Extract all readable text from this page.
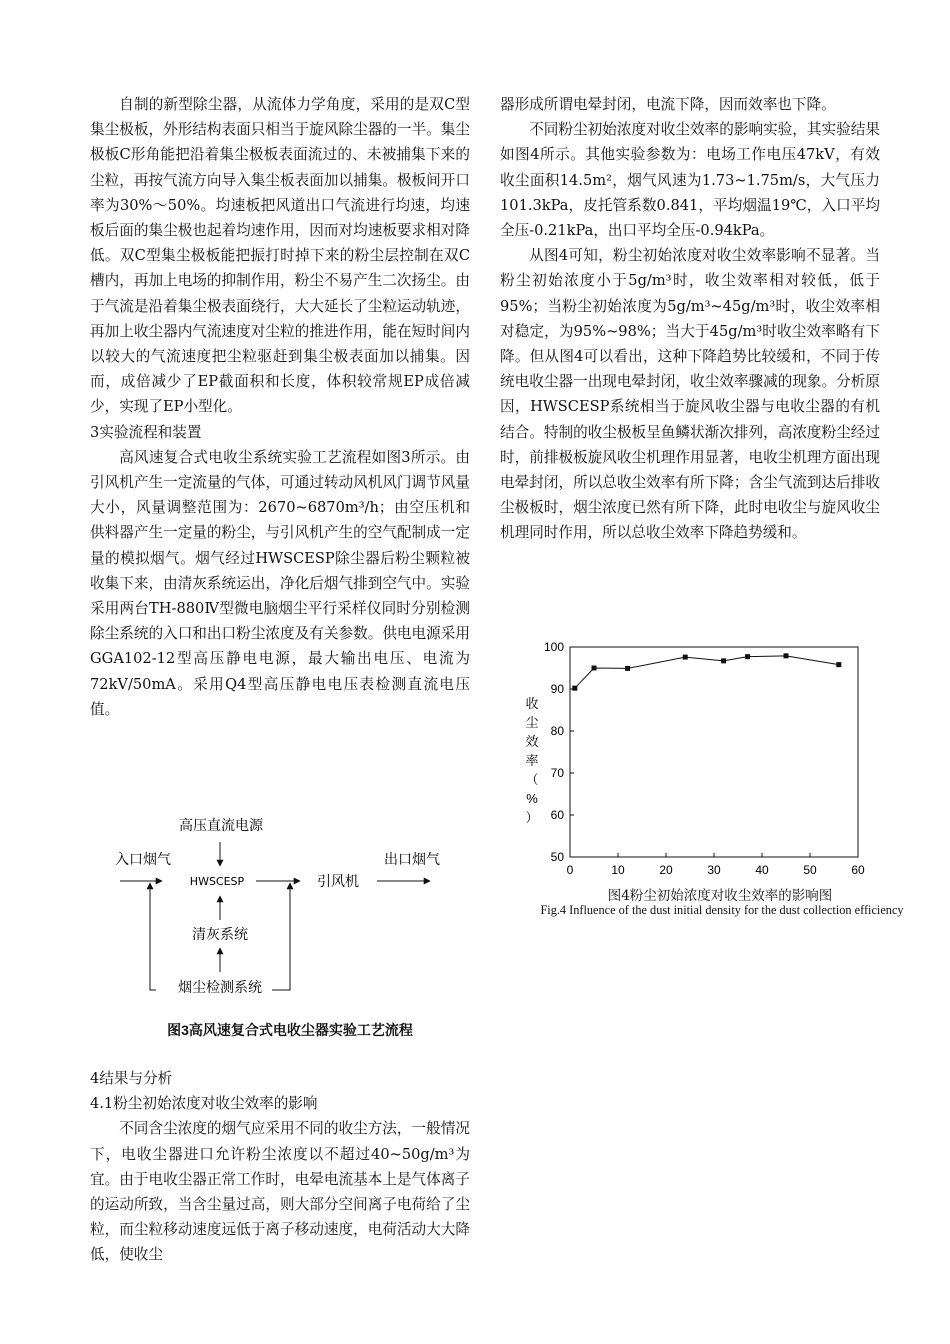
自制的新型除尘器，从流体力学角度，采用的是双C型集尘极板，外形结构表面只相当于旋风除尘器的一半。集尘极板C形角能把沿着集尘极板表面流过的、未被捕集下来的尘粒，再按气流方向导入集尘板表面加以捕集。极板间开口率为30%～50%。均速板把风道出口气流进行均速，均速板后面的集尘极也起着均速作用，因而对均速板要求相对降低。双C型集尘极板能把振打时掉下来的粉尘层控制在双C槽内，再加上电场的抑制作用，粉尘不易产生二次扬尘。由于气流是沿着集尘极表面绕行，大大延长了尘粒运动轨迹，再加上收尘器内气流速度对尘粒的推进作用，能在短时间内以较大的气流速度把尘粒驱赶到集尘极表面加以捕集。因而，成倍减少了EP截面积和长度，体积较常规EP成倍减少，实现了EP小型化。

3实验流程和装置

高风速复合式电收尘系统实验工艺流程如图3所示。由引风机产生一定流量的气体，可通过转动风机风门调节风量大小，风量调整范围为：2670~6870m³/h；由空压机和供料器产生一定量的粉尘，与引风机产生的空气配制成一定量的模拟烟气。烟气经过HWSCESP除尘器后粉尘颗粒被收集下来，由清灰系统运出，净化后烟气排到空气中。实验采用两台TH-880Ⅳ型微电脑烟尘平行采样仪同时分别检测除尘系统的入口和出口粉尘浓度及有关参数。供电电源采用GGA102-12型高压静电电源，最大输出电压、电流为72kV/50mA。采用Q4型高压静电电压表检测直流电压值。

高压直流电源
入口烟气
HWSCESP	引风机
出口烟气
清灰系统
烟尘检测系统
图3高风速复合式电收尘器实验工艺流程

4结果与分析

4.1粉尘初始浓度对收尘效率的影响

不同含尘浓度的烟气应采用不同的收尘方法，一般情况下，电收尘器进口允许粉尘浓度以不超过40~50g/m³为宜。由于电收尘器正常工作时，电晕电流基本上是气体离子的运动所致，当含尘量过高，则大部分空间离子电荷给了尘粒，而尘粒移动速度远低于离子移动速度，电荷活动大大降低，使收尘

器形成所谓电晕封闭，电流下降，因而效率也下降。

不同粉尘初始浓度对收尘效率的影响实验，其实验结果如图4所示。其他实验参数为：电场工作电压47kV，有效收尘面积14.5m²，烟气风速为1.73~1.75m/s，大气压力101.3kPa，皮托管系数0.841，平均烟温19℃，入口平均全压-0.21kPa，出口平均全压-0.94kPa。

从图4可知，粉尘初始浓度对收尘效率影响不显著。当粉尘初始浓度小于5g/m³时，收尘效率相对较低，低于95%；当粉尘初始浓度为5g/m³~45g/m³时，收尘效率相对稳定，为95%~98%；当大于45g/m³时收尘效率略有下降。但从图4可以看出，这种下降趋势比较缓和，不同于传统电收尘器一出现电晕封闭，收尘效率骤减的现象。分析原因，HWSCESP系统相当于旋风收尘器与电收尘器的有机结合。特制的收尘极板呈鱼鳞状渐次排列，高浓度粉尘经过时，前排极板旋风收尘机理作用显著，电收尘机理方面出现电晕封闭，所以总收尘效率有所下降；含尘气流到达后排收尘极板时，烟尘浓度已然有所下降，此时电收尘与旋风收尘机理同时作用，所以总收尘效率下降趋势缓和。

50
60
70
80
90
100
0	10	20	30	40	50	60
收
尘
效
率
（
%
）
图4粉尘初始浓度对收尘效率的影响图
Fig.4 Influence of the dust initial density for the dust collection efficiency
